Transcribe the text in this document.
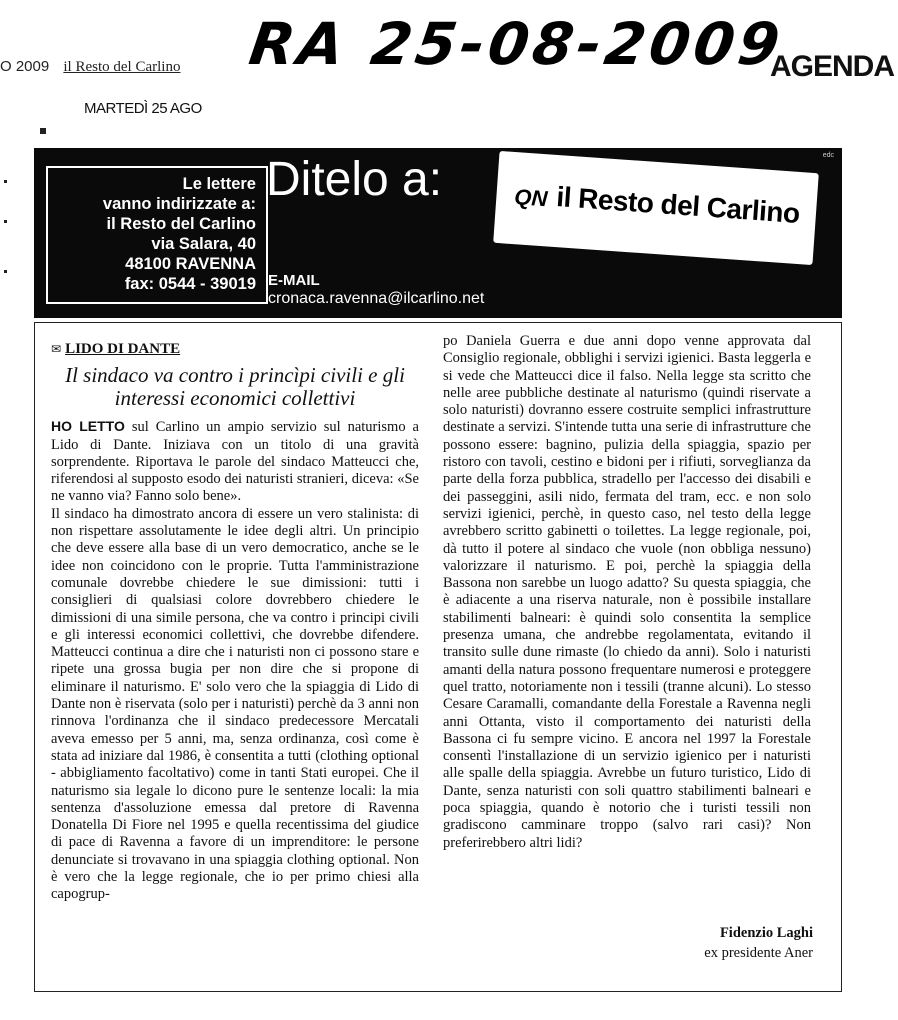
O 2009 il Resto del Carlino
MARTEDÌ 25 AGO
RA 25-08-2009
AGENDA
Le lettere
vanno indirizzate a:
il Resto del Carlino
via Salara, 40
48100 RAVENNA
fax: 0544 - 39019
Ditelo a:	QN il Resto del Carlino
edc
E-MAIL
cronaca.ravenna@ilcarlino.net
✉ LIDO DI DANTE
Il sindaco va contro i princìpi civili e gli interessi economici collettivi

HO LETTO sul Carlino un ampio servizio sul naturismo a Lido di Dante. Iniziava con un titolo di una gravità sorprendente. Riportava le parole del sindaco Matteucci che, riferendosi al supposto esodo dei naturisti stranieri, diceva: «Se ne vanno via? Fanno solo bene».

Il sindaco ha dimostrato ancora di essere un vero stalinista: di non rispettare assolutamente le idee degli altri. Un principio che deve essere alla base di un vero democratico, anche se le idee non coincidono con le proprie. Tutta l'amministrazione comunale dovrebbe chiedere le sue dimissioni: tutti i consiglieri di qualsiasi colore dovrebbero chiedere le dimissioni di una simile persona, che va contro i principi civili e gli interessi economici collettivi, che dovrebbe difendere. Matteucci continua a dire che i naturisti non ci possono stare e ripete una grossa bugia per non dire che si propone di eliminare il naturismo. E' solo vero che la spiaggia di Lido di Dante non è riservata (solo per i naturisti) perchè da 3 anni non rinnova l'ordinanza che il sindaco predecessore Mercatali aveva emesso per 5 anni, ma, senza ordinanza, così come è stata ad iniziare dal 1986, è consentita a tutti (clothing optional - abbigliamento facoltativo) come in tanti Stati europei. Che il naturismo sia legale lo dicono pure le sentenze locali: la mia sentenza d'assoluzione emessa dal pretore di Ravenna Donatella Di Fiore nel 1995 e quella recentissima del giudice di pace di Ravenna a favore di un imprenditore: le persone denunciate si trovavano in una spiaggia clothing optional. Non è vero che la legge regionale, che io per primo chiesi alla capogrup-

po Daniela Guerra e due anni dopo venne approvata dal Consiglio regionale, obblighi i servizi igienici. Basta leggerla e si vede che Matteucci dice il falso. Nella legge sta scritto che nelle aree pubbliche destinate al naturismo (quindi riservate a solo naturisti) dovranno essere costruite semplici infrastrutture destinate a servizi. S'intende tutta una serie di infrastrutture che possono essere: bagnino, pulizia della spiaggia, spazio per ristoro con tavoli, cestino e bidoni per i rifiuti, sorveglianza da parte della forza pubblica, stradello per l'accesso dei disabili e dei passeggini, asili nido, fermata del tram, ecc. e non solo servizi igienici, perchè, in questo caso, nel testo della legge avrebbero scritto gabinetti o toilettes. La legge regionale, poi, dà tutto il potere al sindaco che vuole (non obbliga nessuno) valorizzare il naturismo. E poi, perchè la spiaggia della Bassona non sarebbe un luogo adatto? Su questa spiaggia, che è adiacente a una riserva naturale, non è possibile installare stabilimenti balneari: è quindi solo consentita la semplice presenza umana, che andrebbe regolamentata, evitando il transito sulle dune rimaste (lo chiedo da anni). Solo i naturisti amanti della natura possono frequentare numerosi e proteggere quel tratto, notoriamente non i tessili (tranne alcuni). Lo stesso Cesare Caramalli, comandante della Forestale a Ravenna negli anni Ottanta, visto il comportamento dei naturisti della Bassona ci fu sempre vicino. E ancora nel 1997 la Forestale consentì l'installazione di un servizio igienico per i naturisti alle spalle della spiaggia. Avrebbe un futuro turistico, Lido di Dante, senza naturisti con soli quattro stabilimenti balneari e poca spiaggia, quando è notorio che i turisti tessili non gradiscono camminare troppo (salvo rari casi)? Non preferirebbero altri lidi?

Fidenzio Laghi
ex presidente Aner
